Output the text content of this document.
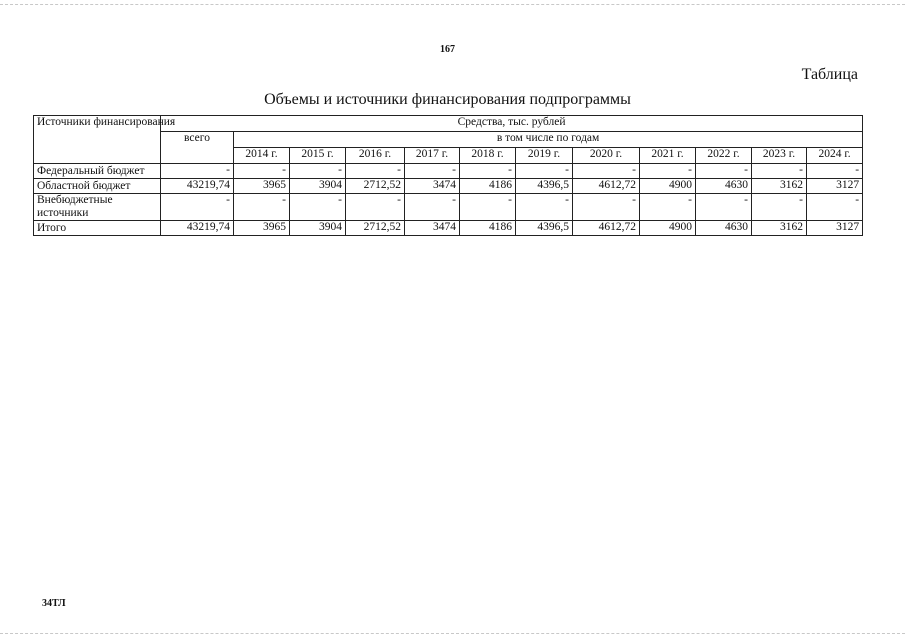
167
Таблица
Объемы и источники финансирования подпрограммы
Источники финансирования	Средства, тыс. рублей											
	всего	в том числе по годам										
		2014 г.	2015 г.	2016 г.	2017 г.	2018 г.	2019 г.	2020 г.	2021 г.	2022 г.	2023 г.	2024 г.
Федеральный бюджет	-	-	-	-	-	-	-	-	-	-	-	-
Областной бюджет	43219,74	3965	3904	2712,52	3474	4186	4396,5	4612,72	4900	4630	3162	3127
Внебюджетные источники	-	-	-	-	-	-	-	-	-	-	-	-
Итого	43219,74	3965	3904	2712,52	3474	4186	4396,5	4612,72	4900	4630	3162	3127
34ТЛ
